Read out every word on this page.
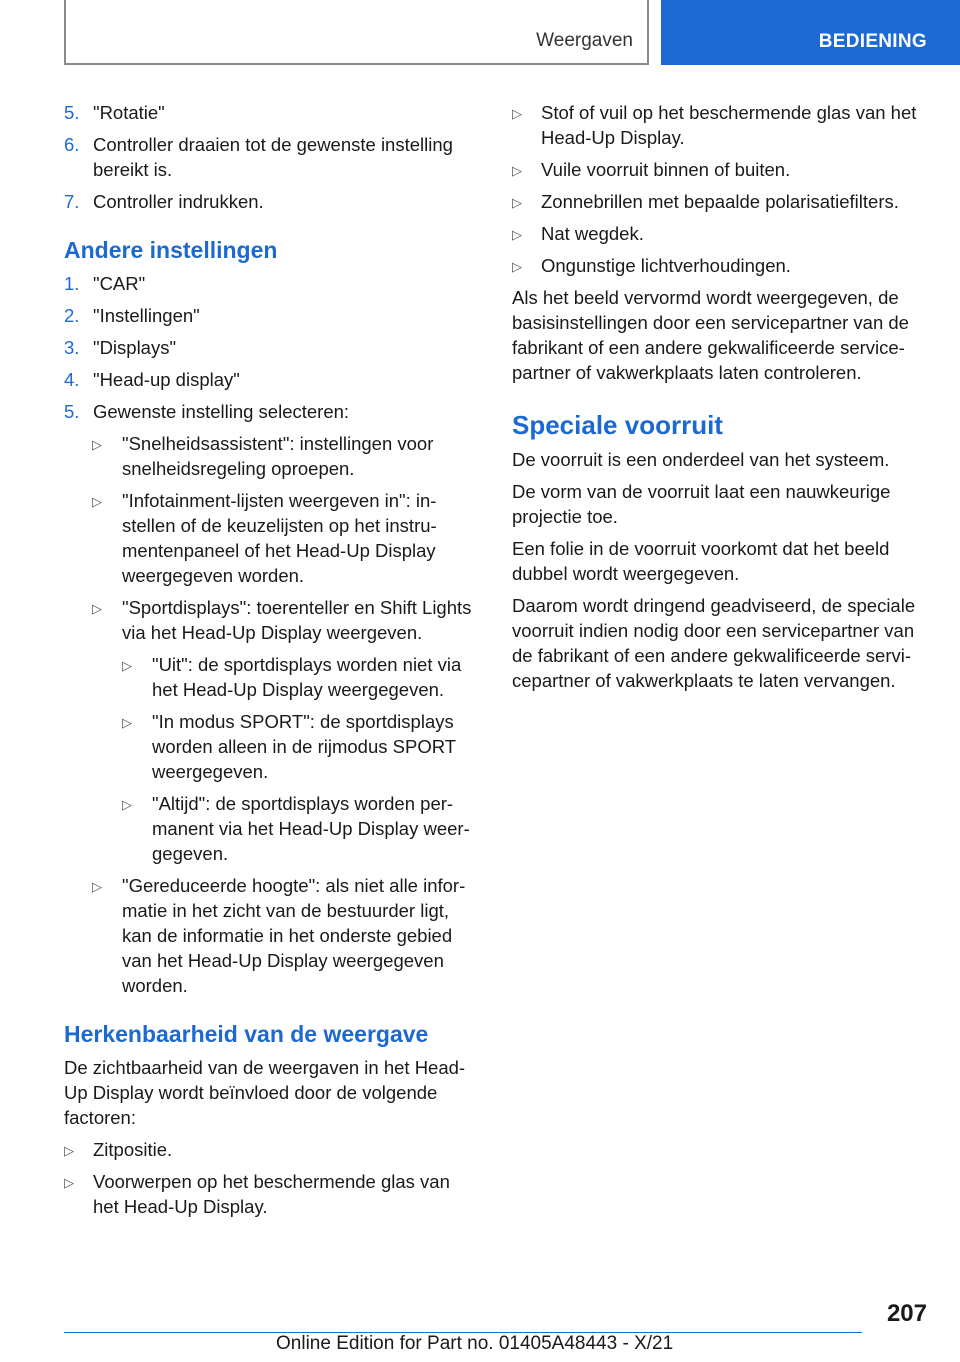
Weergaven	BEDIENING
5. "Rotatie"
6. Controller draaien tot de gewenste instelling bereikt is.
7. Controller indrukken.
Andere instellingen
1. "CAR"
2. "Instellingen"
3. "Displays"
4. "Head-up display"
5. Gewenste instelling selecteren:
▷ "Snelheidsassistent": instellingen voor snelheidsregeling oproepen.
▷ "Infotainment-lijsten weergeven in": instellen of de keuzelijsten op het instrumentenpaneel of het Head-Up Display weergegeven worden.
▷ "Sportdisplays": toerenteller en Shift Lights via het Head-Up Display weergeven.
▷ "Uit": de sportdisplays worden niet via het Head-Up Display weergegeven.
▷ "In modus SPORT": de sportdisplays worden alleen in de rijmodus SPORT weergegeven.
▷ "Altijd": de sportdisplays worden permanent via het Head-Up Display weergegeven.
▷ "Gereduceerde hoogte": als niet alle informatie in het zicht van de bestuurder ligt, kan de informatie in het onderste gebied van het Head-Up Display weergegeven worden.
Herkenbaarheid van de weergave

De zichtbaarheid van de weergaven in het Head-Up Display wordt beïnvloed door de volgende factoren:

▷ Zitpositie.
▷ Voorwerpen op het beschermende glas van het Head-Up Display.
▷ Stof of vuil op het beschermende glas van het Head-Up Display.
▷ Vuile voorruit binnen of buiten.
▷ Zonnebrillen met bepaalde polarisatiefilters.
▷ Nat wegdek.
▷ Ongunstige lichtverhoudingen.

Als het beeld vervormd wordt weergegeven, de basisinstellingen door een servicepartner van de fabrikant of een andere gekwalificeerde servicepartner of vakwerkplaats laten controleren.

Speciale voorruit

De voorruit is een onderdeel van het systeem.

De vorm van de voorruit laat een nauwkeurige projectie toe.

Een folie in de voorruit voorkomt dat het beeld dubbel wordt weergegeven.

Daarom wordt dringend geadviseerd, de speciale voorruit indien nodig door een servicepartner van de fabrikant of een andere gekwalificeerde servicepartner of vakwerkplaats te laten vervangen.

207
Online Edition for Part no. 01405A48443 - X/21
